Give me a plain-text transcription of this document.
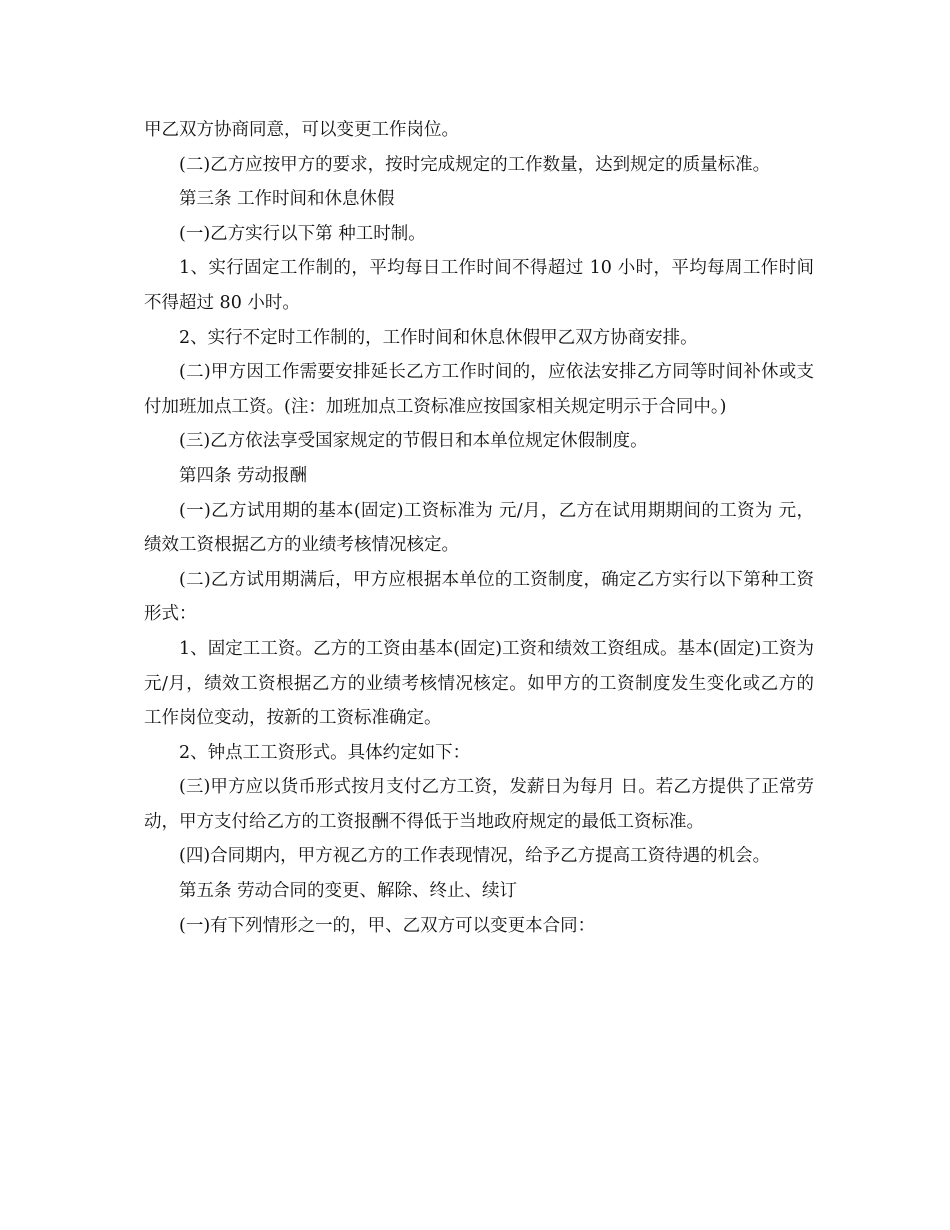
甲乙双方协商同意，可以变更工作岗位。

(二)乙方应按甲方的要求，按时完成规定的工作数量，达到规定的质量标准。

第三条 工作时间和休息休假

(一)乙方实行以下第 种工时制。

1、实行固定工作制的，平均每日工作时间不得超过 10 小时，平均每周工作时间不得超过 80 小时。

2、实行不定时工作制的，工作时间和休息休假甲乙双方协商安排。

(二)甲方因工作需要安排延长乙方工作时间的，应依法安排乙方同等时间补休或支付加班加点工资。(注：加班加点工资标准应按国家相关规定明示于合同中。)

(三)乙方依法享受国家规定的节假日和本单位规定休假制度。

第四条 劳动报酬

(一)乙方试用期的基本(固定)工资标准为 元/月，乙方在试用期期间的工资为 元，绩效工资根据乙方的业绩考核情况核定。

(二)乙方试用期满后，甲方应根据本单位的工资制度，确定乙方实行以下第种工资形式：

1、固定工工资。乙方的工资由基本(固定)工资和绩效工资组成。基本(固定)工资为元/月，绩效工资根据乙方的业绩考核情况核定。如甲方的工资制度发生变化或乙方的工作岗位变动，按新的工资标准确定。

2、钟点工工资形式。具体约定如下：

(三)甲方应以货币形式按月支付乙方工资，发薪日为每月 日。若乙方提供了正常劳动，甲方支付给乙方的工资报酬不得低于当地政府规定的最低工资标准。

(四)合同期内，甲方视乙方的工作表现情况，给予乙方提高工资待遇的机会。

第五条 劳动合同的变更、解除、终止、续订

(一)有下列情形之一的，甲、乙双方可以变更本合同：
